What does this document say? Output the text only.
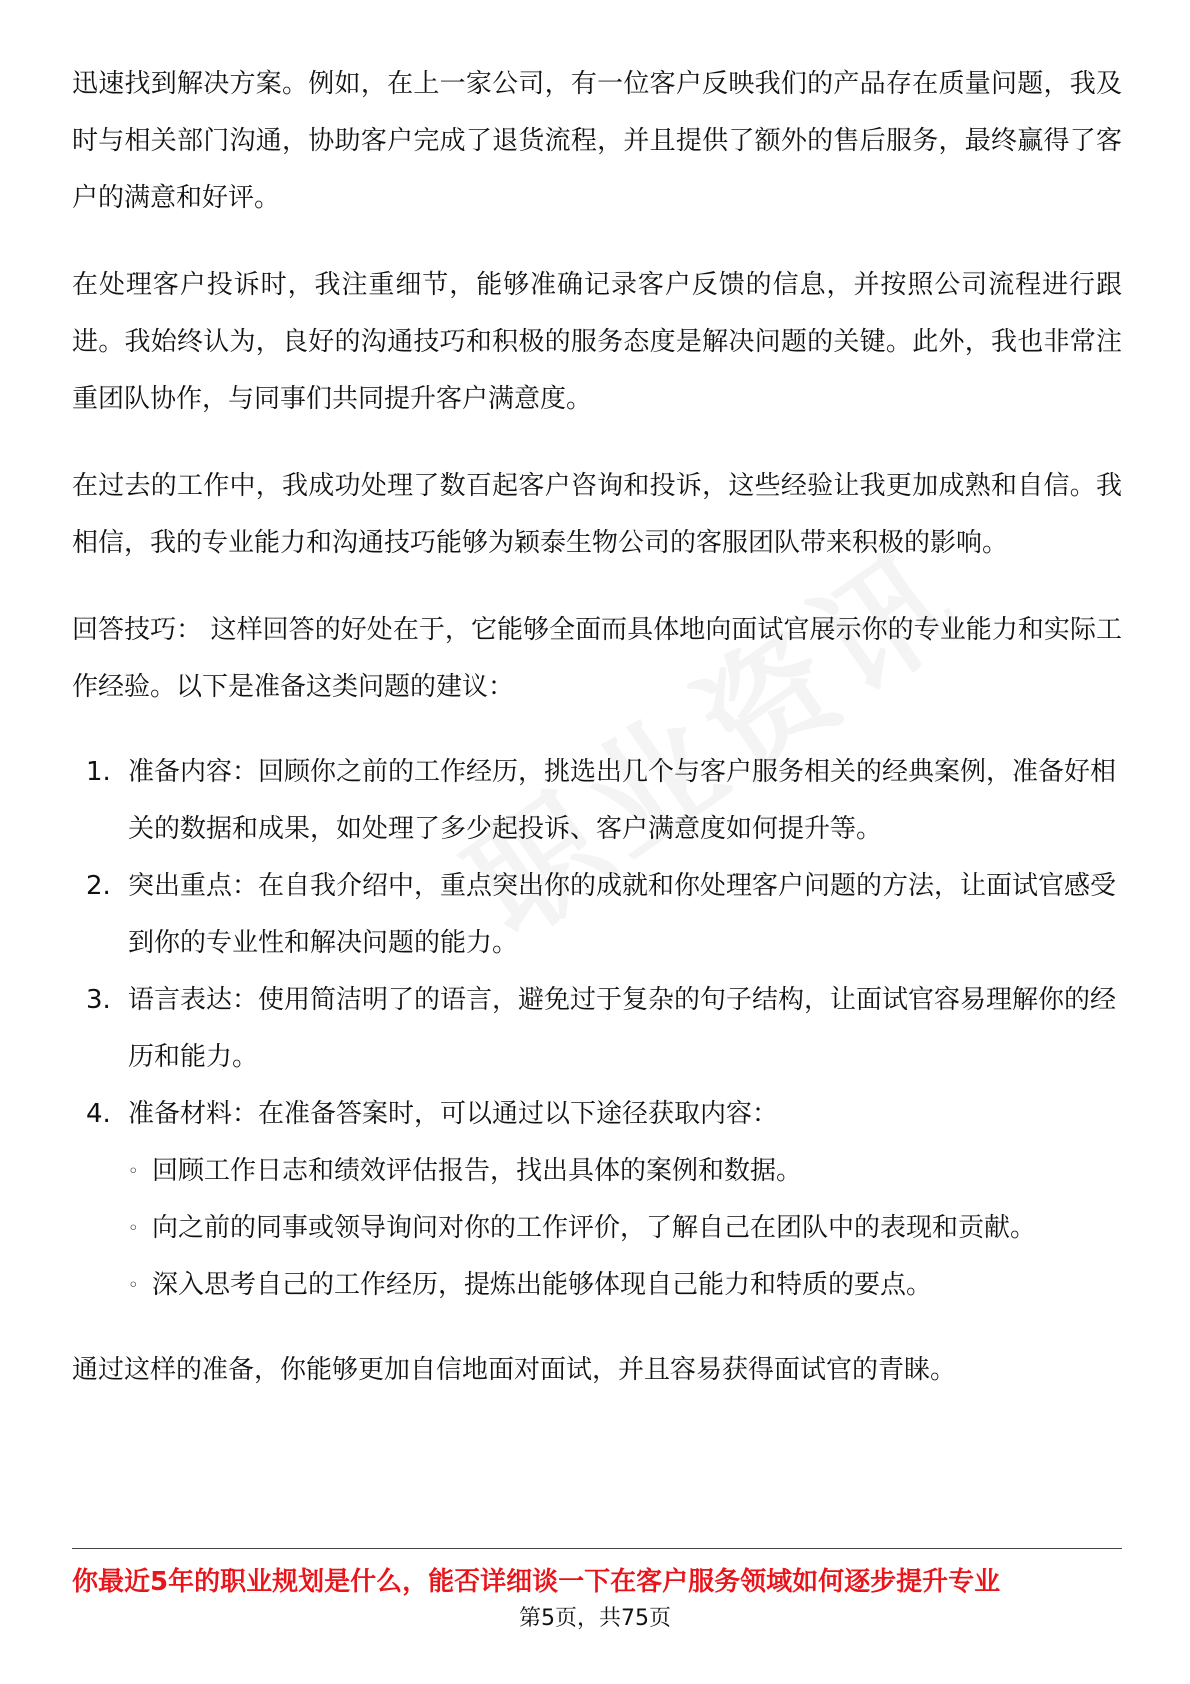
迅速找到解决方案。例如，在上一家公司，有一位客户反映我们的产品存在质量问题，我及时与相关部门沟通，协助客户完成了退货流程，并且提供了额外的售后服务，最终赢得了客户的满意和好评。

在处理客户投诉时，我注重细节，能够准确记录客户反馈的信息，并按照公司流程进行跟进。我始终认为，良好的沟通技巧和积极的服务态度是解决问题的关键。此外，我也非常注重团队协作，与同事们共同提升客户满意度。

在过去的工作中，我成功处理了数百起客户咨询和投诉，这些经验让我更加成熟和自信。我相信，我的专业能力和沟通技巧能够为颖泰生物公司的客服团队带来积极的影响。

回答技巧： 这样回答的好处在于，它能够全面而具体地向面试官展示你的专业能力和实际工作经验。以下是准备这类问题的建议：

1. 准备内容：回顾你之前的工作经历，挑选出几个与客户服务相关的经典案例，准备好相关的数据和成果，如处理了多少起投诉、客户满意度如何提升等。
2. 突出重点：在自我介绍中，重点突出你的成就和你处理客户问题的方法，让面试官感受到你的专业性和解决问题的能力。
3. 语言表达：使用简洁明了的语言，避免过于复杂的句子结构，让面试官容易理解你的经历和能力。
4. 准备材料：在准备答案时，可以通过以下途径获取内容：
◦ 回顾工作日志和绩效评估报告，找出具体的案例和数据。
◦ 向之前的同事或领导询问对你的工作评价，了解自己在团队中的表现和贡献。
◦ 深入思考自己的工作经历，提炼出能够体现自己能力和特质的要点。

通过这样的准备，你能够更加自信地面对面试，并且容易获得面试官的青睐。

你最近5年的职业规划是什么，能否详细谈一下在客户服务领域如何逐步提升专业
第5页，共75页
